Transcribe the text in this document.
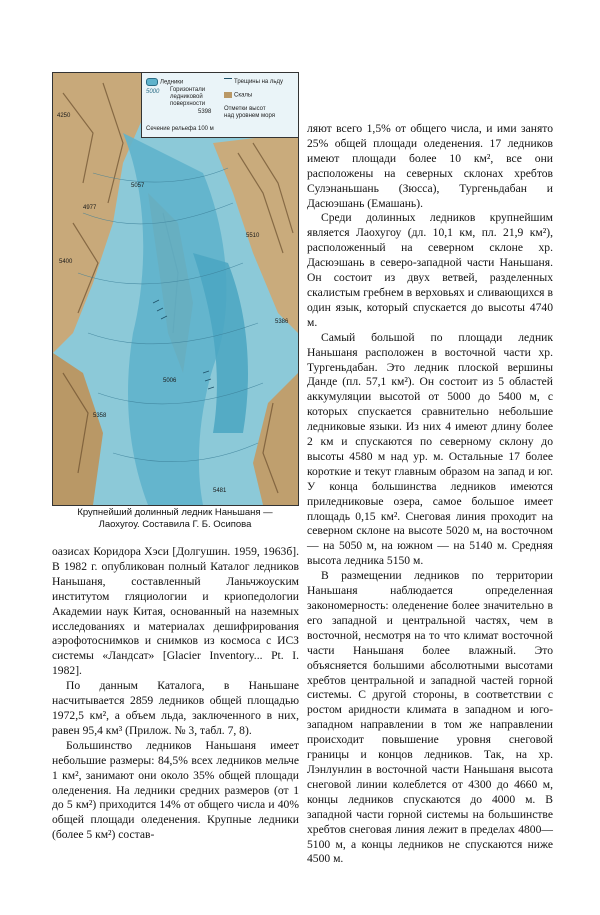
Ледники	Трещины на льду
5000 Горизонтали
ледниковой
поверхности
Скалы
5398 Отметки высот
над уровнем моря
Сечение рельефа 100 м
4250
4977
5400
5057
5510
5386
5006
5358
5481
Крупнейший долинный ледник Наньшаня —
Лаохугоу. Составила Г. Б. Осипова

оазисах Коридора Хэси [Долгушин. 1959, 1963б]. В 1982 г. опубликован полный Каталог ледников Наньшаня, составленный Ланьчжоуским институтом гляциологии и криопедологии Академии наук Китая, основанный на наземных исследованиях и материалах дешифрирования аэрофотоснимков и снимков из космоса с ИСЗ системы «Ландсат» [Glacier Inventory... Pt. I. 1982].

По данным Каталога, в Наньшане насчитывается 2859 ледников общей площадью 1972,5 км², а объем льда, заключенного в них, равен 95,4 км³ (Прилож. № 3, табл. 7, 8).

Большинство ледников Наньшаня имеет небольшие размеры: 84,5% всех ледников мельче 1 км², занимают они около 35% общей площади оледенения. На ледники средних размеров (от 1 до 5 км²) приходится 14% от общего числа и 40% общей площади оледенения. Крупные ледники (более 5 км²) состав-

ляют всего 1,5% от общего числа, и ими занято 25% общей площади оледенения. 17 ледников имеют площади более 10 км², все они расположены на северных склонах хребтов Сулэнаньшань (Зюсса), Тургеньдабан и Дасюэшань (Емашань).

Среди долинных ледников крупнейшим является Лаохугоу (дл. 10,1 км, пл. 21,9 км²), расположенный на северном склоне хр. Дасюэшань в северо-западной части Наньшаня. Он состоит из двух ветвей, разделенных скалистым гребнем в верховьях и сливающихся в один язык, который спускается до высоты 4740 м.

Самый большой по площади ледник Наньшаня расположен в восточной части хр. Тургеньдабан. Это ледник плоской вершины Данде (пл. 57,1 км²). Он состоит из 5 областей аккумуляции высотой от 5000 до 5400 м, с которых спускается сравнительно небольшие ледниковые языки. Из них 4 имеют длину более 2 км и спускаются по северному склону до высоты 4580 м над ур. м. Остальные 17 более короткие и текут главным образом на запад и юг. У конца большинства ледников имеются приледниковые озера, самое большое имеет площадь 0,15 км². Снеговая линия проходит на северном склоне на высоте 5020 м, на восточном — на 5050 м, на южном — на 5140 м. Средняя высота ледника 5150 м.

В размещении ледников по территории Наньшаня наблюдается определенная закономерность: оледенение более значительно в его западной и центральной частях, чем в восточной, несмотря на то что климат восточной части Наньшаня более влажный. Это объясняется большими абсолютными высотами хребтов центральной и западной частей горной системы. С другой стороны, в соответствии с ростом аридности климата в западном и юго-западном направлении в том же направлении происходит повышение уровня снеговой границы и концов ледников. Так, на хр. Лэнлунлин в восточной части Наньшаня высота снеговой линии колеблется от 4300 до 4660 м, концы ледников спускаются до 4000 м. В западной части горной системы на большинстве хребтов снеговая линия лежит в пределах 4800—5100 м, а концы ледников не спускаются ниже 4500 м.
